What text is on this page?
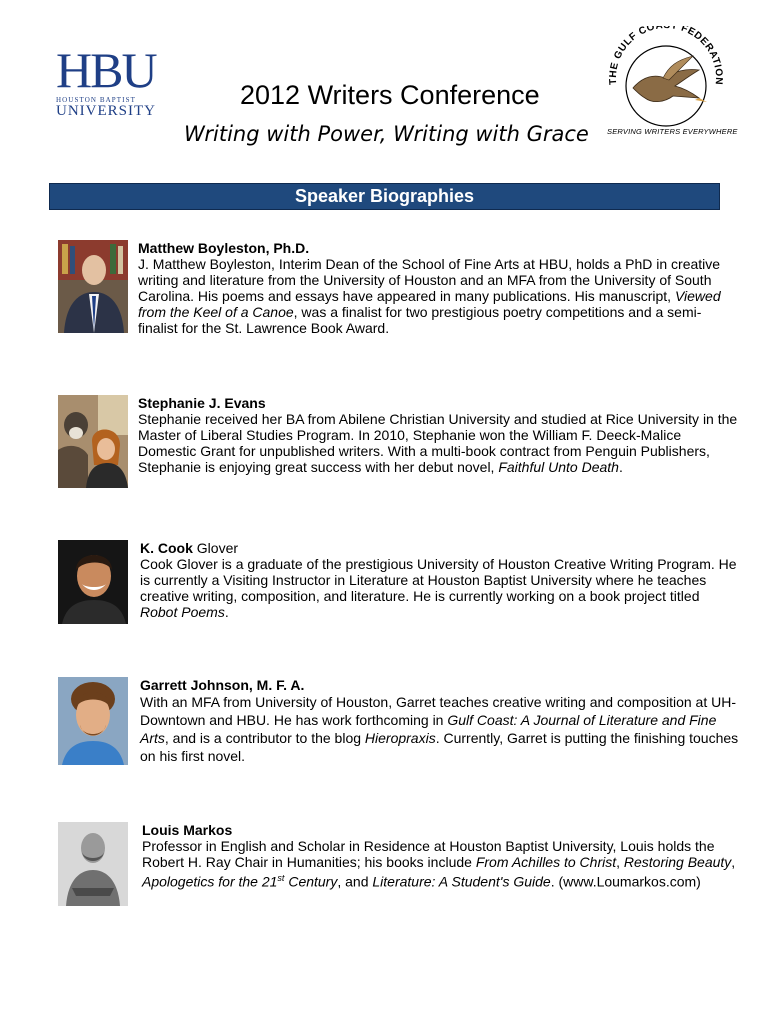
HBU
HOUSTON BAPTIST
UNIVERSITY
2012 Writers Conference
Writing with Power, Writing with Grace
THE GULF CO T FEDERATION
SERVING WRITERS EVERYWHERE
Speaker Biographies
Matthew Boyleston, Ph.D.

J. Matthew Boyleston, Interim Dean of the School of Fine Arts at HBU, holds a PhD in creative writing and literature from the University of Houston and an MFA from the University of South Carolina. His poems and essays have appeared in many publications. His manuscript, Viewed from the Keel of a Canoe, was a finalist for two prestigious poetry competitions and a semi-finalist for the St. Lawrence Book Award.

Stephanie J. Evans

Stephanie received her BA from Abilene Christian University and studied at Rice University in the Master of Liberal Studies Program. In 2010, Stephanie won the William F. Deeck-Malice Domestic Grant for unpublished writers. With a multi-book contract from Penguin Publishers, Stephanie is enjoying great success with her debut novel, Faithful Unto Death.

K. Cook Glover

Cook Glover is a graduate of the prestigious University of Houston Creative Writing Program. He is currently a Visiting Instructor in Literature at Houston Baptist University where he teaches creative writing, composition, and literature. He is currently working on a book project titled Robot Poems.

Garrett Johnson, M. F. A.

With an MFA from University of Houston, Garret teaches creative writing and composition at UH-Downtown and HBU. He has work forthcoming in Gulf Coast: A Journal of Literature and Fine Arts, and is a contributor to the blog Hieropraxis. Currently, Garret is putting the finishing touches on his first novel.

Louis Markos

Professor in English and Scholar in Residence at Houston Baptist University, Louis holds the Robert H. Ray Chair in Humanities; his books include From Achilles to Christ, Restoring Beauty, Apologetics for the 21st Century, and Literature: A Student's Guide. (www.Loumarkos.com)
